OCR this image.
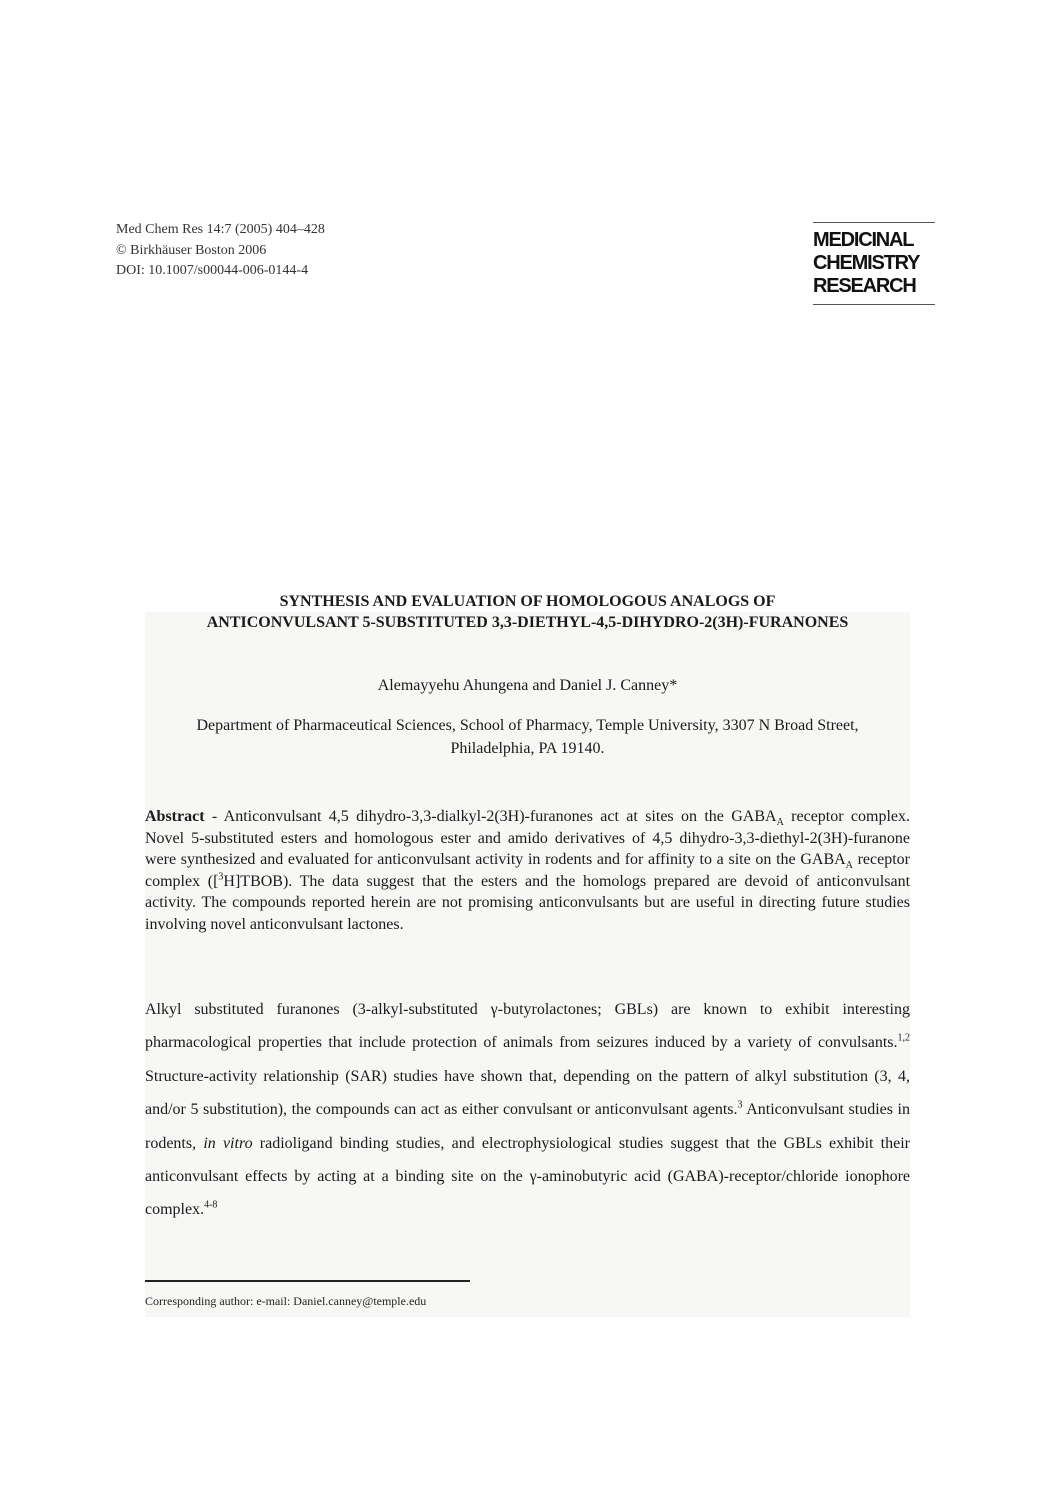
Med Chem Res 14:7 (2005) 404–428
© Birkhäuser Boston 2006
DOI: 10.1007/s00044-006-0144-4
MEDICINAL
CHEMISTRY
RESEARCH
SYNTHESIS AND EVALUATION OF HOMOLOGOUS ANALOGS OF
ANTICONVULSANT 5-SUBSTITUTED 3,3-DIETHYL-4,5-DIHYDRO-2(3H)-FURANONES
Alemayyehu Ahungena and Daniel J. Canney*
Department of Pharmaceutical Sciences, School of Pharmacy, Temple University, 3307 N Broad Street, Philadelphia, PA 19140.
Abstract - Anticonvulsant 4,5 dihydro-3,3-dialkyl-2(3H)-furanones act at sites on the $GABA_A$ receptor complex. Novel 5-substituted esters and homologous ester and amido derivatives of 4,5 dihydro-3,3-diethyl-2(3H)-furanone were synthesized and evaluated for anticonvulsant activity in rodents and for affinity to a site on the $GABA_A$ receptor complex ([$^3$H]TBOB). The data suggest that the esters and the homologs prepared are devoid of anticonvulsant activity. The compounds reported herein are not promising anticonvulsants but are useful in directing future studies involving novel anticonvulsant lactones.
Alkyl substituted furanones (3-alkyl-substituted γ-butyrolactones; GBLs) are known to exhibit interesting pharmacological properties that include protection of animals from seizures induced by a variety of convulsants.$^{1,2}$ Structure-activity relationship (SAR) studies have shown that, depending on the pattern of alkyl substitution (3, 4, and/or 5 substitution), the compounds can act as either convulsant or anticonvulsant agents.$^3$ Anticonvulsant studies in rodents, in vitro radioligand binding studies, and electrophysiological studies suggest that the GBLs exhibit their anticonvulsant effects by acting at a binding site on the γ-aminobutyric acid (GABA)-receptor/chloride ionophore complex.$^{4-8}$
Corresponding author: e-mail: Daniel.canney@temple.edu
